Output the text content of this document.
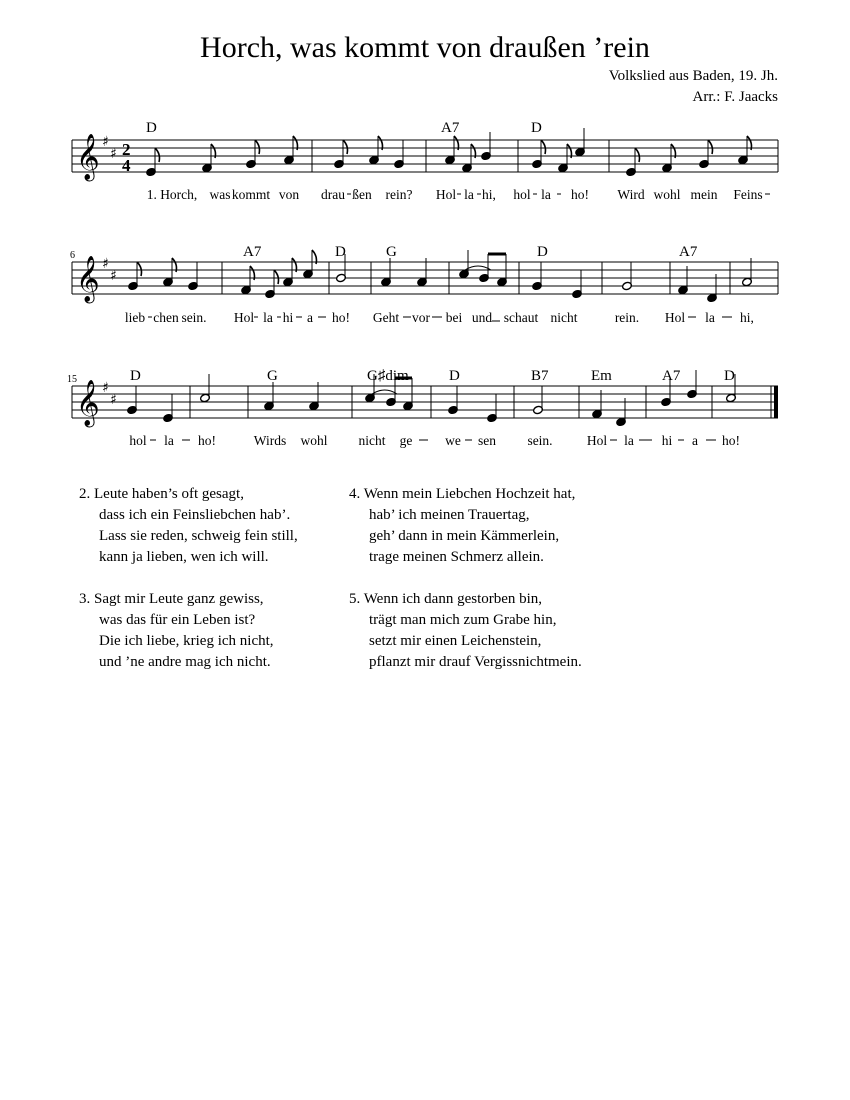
Horch, was kommt von draußen ’rein
Volkslied aus Baden, 19. Jh.
Arr.: F. Jaacks
𝄞 ♯
♯ 2
4
D	A7	D
1. Horch, was kommt von drau ßen rein? Hol la hi, hol la ho! Wird wohl mein Feins
6
𝄞 ♯
♯
A7	D	G	D	A7
lieb chen sein. Hol la hi a ho! Geht vor bei und schaut nicht	rein. Hol la hi,
15
𝄞 ♯
♯
D	G	G♯dim	D	B7	Em	A7	D
hol la ho!	Wirds wohl nicht ge we sen sein.	Hol la hi a ho!
2. Leute haben’s oft gesagt,
dass ich ein Feinsliebchen hab’.
Lass sie reden, schweig fein still,
kann ja lieben, wen ich will.
4. Wenn mein Liebchen Hochzeit hat,
hab’ ich meinen Trauertag,
geh’ dann in mein Kämmerlein,
trage meinen Schmerz allein.
3. Sagt mir Leute ganz gewiss,
was das für ein Leben ist?
Die ich liebe, krieg ich nicht,
und ’ne andre mag ich nicht.
5. Wenn ich dann gestorben bin,
trägt man mich zum Grabe hin,
setzt mir einen Leichenstein,
pflanzt mir drauf Vergissnichtmein.
